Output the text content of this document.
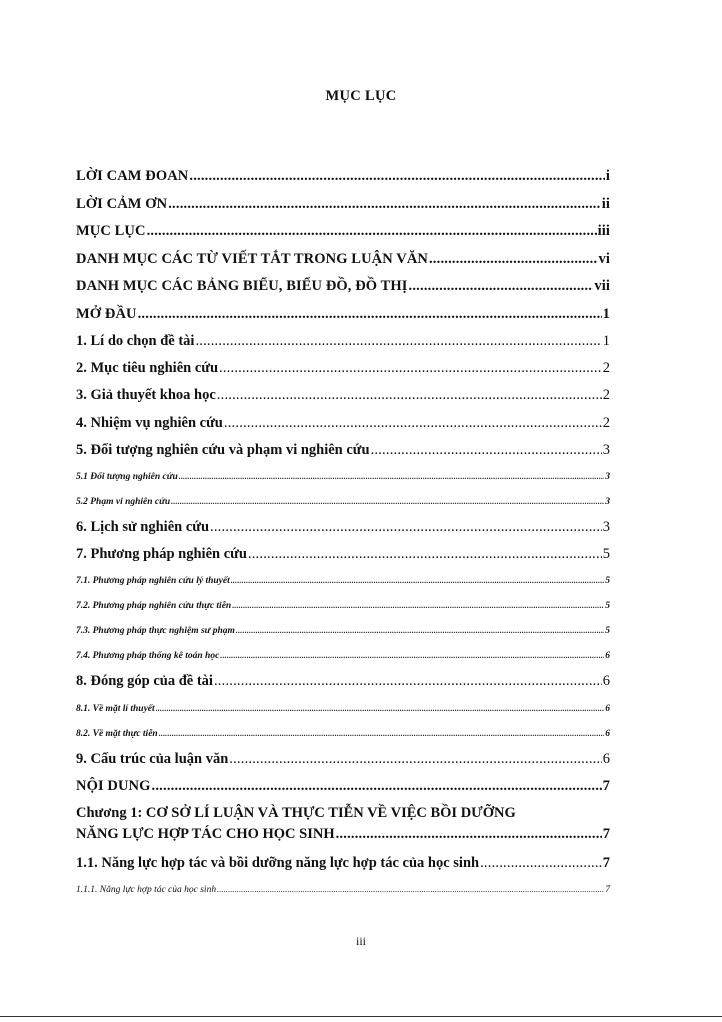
MỤC LỤC
LỜI CAM ĐOAN .....	i
LỜI CẢM ƠN .....	ii
MỤC LỤC .....	iii
DANH MỤC CÁC TỪ VIẾT TẮT TRONG LUẬN VĂN .....	vi
DANH MỤC CÁC BẢNG BIỂU, BIỂU ĐỒ, ĐỒ THỊ .....	vii
MỞ ĐẦU .....	1
1. Lí do chọn đề tài .....	1
2. Mục tiêu nghiên cứu .....	2
3. Giả thuyết khoa học .....	2
4. Nhiệm vụ nghiên cứu .....	2
5. Đối tượng nghiên cứu và phạm vi nghiên cứu .....	3
5.1 Đối tượng nghiên cứu .....	3
5.2 Phạm vi nghiên cứu .....	3
6. Lịch sử nghiên cứu .....	3
7. Phương pháp nghiên cứu .....	5
7.1. Phương pháp nghiên cứu lý thuyết .....	5
7.2. Phương pháp nghiên cứu thực tiễn .....	5
7.3. Phương pháp thực nghiệm sư phạm .....	5
7.4. Phương pháp thống kê toán học .....	6
8. Đóng góp của đề tài .....	6
8.1. Về mặt lí thuyết .....	6
8.2. Về mặt thực tiễn .....	6
9. Cấu trúc của luận văn .....	6
NỘI DUNG .....	7
Chương 1: CƠ SỞ LÍ LUẬN VÀ THỰC TIỄN VỀ VIỆC BỒI DƯỠNG
NĂNG LỰC HỢP TÁC CHO HỌC SINH .....	7
1.1. Năng lực hợp tác và bồi dưỡng năng lực hợp tác của học sinh .....	7
1.1.1. Năng lực hợp tác của học sinh .....	7
iii
